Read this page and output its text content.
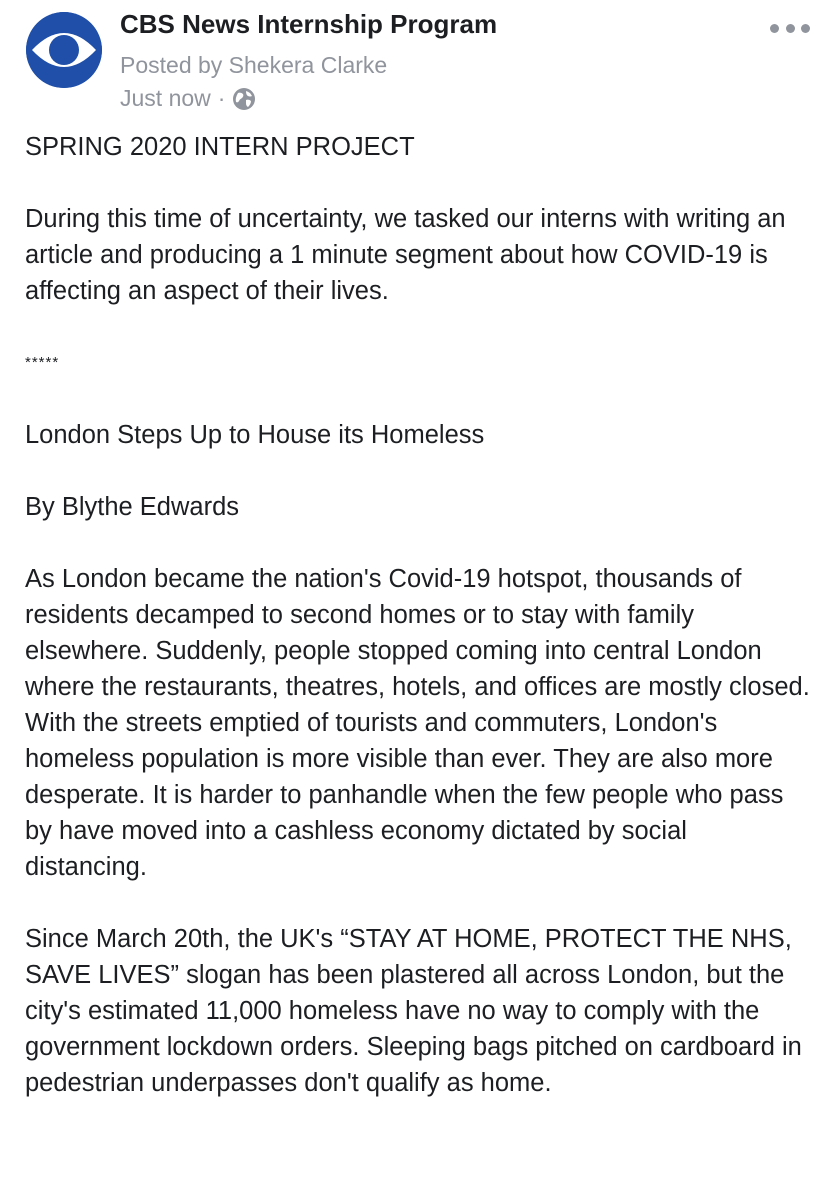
CBS News Internship Program
Posted by Shekera Clarke
Just now ·

SPRING 2020 INTERN PROJECT

During this time of uncertainty, we tasked our interns with writing an article and producing a 1 minute segment about how COVID-19 is affecting an aspect of their lives.

*****

London Steps Up to House its Homeless

By Blythe Edwards

As London became the nation's Covid-19 hotspot, thousands of residents decamped to second homes or to stay with family elsewhere. Suddenly, people stopped coming into central London where the restaurants, theatres, hotels, and offices are mostly closed. With the streets emptied of tourists and commuters, London's homeless population is more visible than ever. They are also more desperate. It is harder to panhandle when the few people who pass by have moved into a cashless economy dictated by social distancing.

Since March 20th, the UK's “STAY AT HOME, PROTECT THE NHS, SAVE LIVES” slogan has been plastered all across London, but the city's estimated 11,000 homeless have no way to comply with the government lockdown orders. Sleeping bags pitched on cardboard in pedestrian underpasses don't qualify as home.
